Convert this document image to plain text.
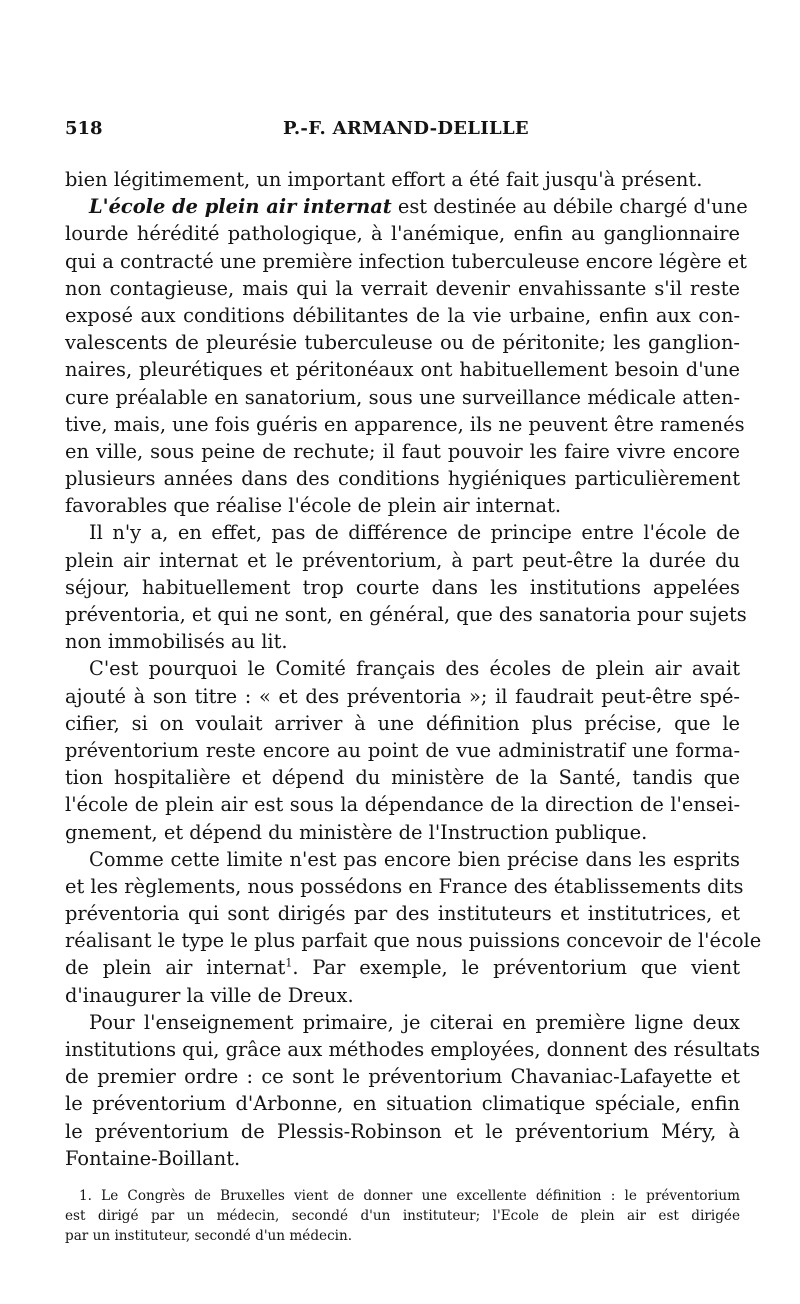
518	P.-F. ARMAND-DELILLE
bien légitimement, un important effort a été fait jusqu'à présent.
L'école de plein air internat est destinée au débile chargé d'une
lourde hérédité pathologique, à l'anémique, enfin au ganglionnaire
qui a contracté une première infection tuberculeuse encore légère et
non contagieuse, mais qui la verrait devenir envahissante s'il reste
exposé aux conditions débilitantes de la vie urbaine, enfin aux con-
valescents de pleurésie tuberculeuse ou de péritonite; les ganglion-
naires, pleurétiques et péritonéaux ont habituellement besoin d'une
cure préalable en sanatorium, sous une surveillance médicale atten-
tive, mais, une fois guéris en apparence, ils ne peuvent être ramenés
en ville, sous peine de rechute; il faut pouvoir les faire vivre encore
plusieurs années dans des conditions hygiéniques particulièrement
favorables que réalise l'école de plein air internat.
Il n'y a, en effet, pas de différence de principe entre l'école de
plein air internat et le préventorium, à part peut-être la durée du
séjour, habituellement trop courte dans les institutions appelées
préventoria, et qui ne sont, en général, que des sanatoria pour sujets
non immobilisés au lit.
C'est pourquoi le Comité français des écoles de plein air avait
ajouté à son titre : « et des préventoria »; il faudrait peut-être spé-
cifier, si on voulait arriver à une définition plus précise, que le
préventorium reste encore au point de vue administratif une forma-
tion hospitalière et dépend du ministère de la Santé, tandis que
l'école de plein air est sous la dépendance de la direction de l'ensei-
gnement, et dépend du ministère de l'Instruction publique.
Comme cette limite n'est pas encore bien précise dans les esprits
et les règlements, nous possédons en France des établissements dits
préventoria qui sont dirigés par des instituteurs et institutrices, et
réalisant le type le plus parfait que nous puissions concevoir de l'école
de plein air internat$^1$. Par exemple, le préventorium que vient
d'inaugurer la ville de Dreux.
Pour l'enseignement primaire, je citerai en première ligne deux
institutions qui, grâce aux méthodes employées, donnent des résultats
de premier ordre : ce sont le préventorium Chavaniac-Lafayette et
le préventorium d'Arbonne, en situation climatique spéciale, enfin
le préventorium de Plessis-Robinson et le préventorium Méry, à
Fontaine-Boillant.
1. Le Congrès de Bruxelles vient de donner une excellente définition : le préventorium
est dirigé par un médecin, secondé d'un instituteur; l'Ecole de plein air est dirigée
par un instituteur, secondé d'un médecin.
